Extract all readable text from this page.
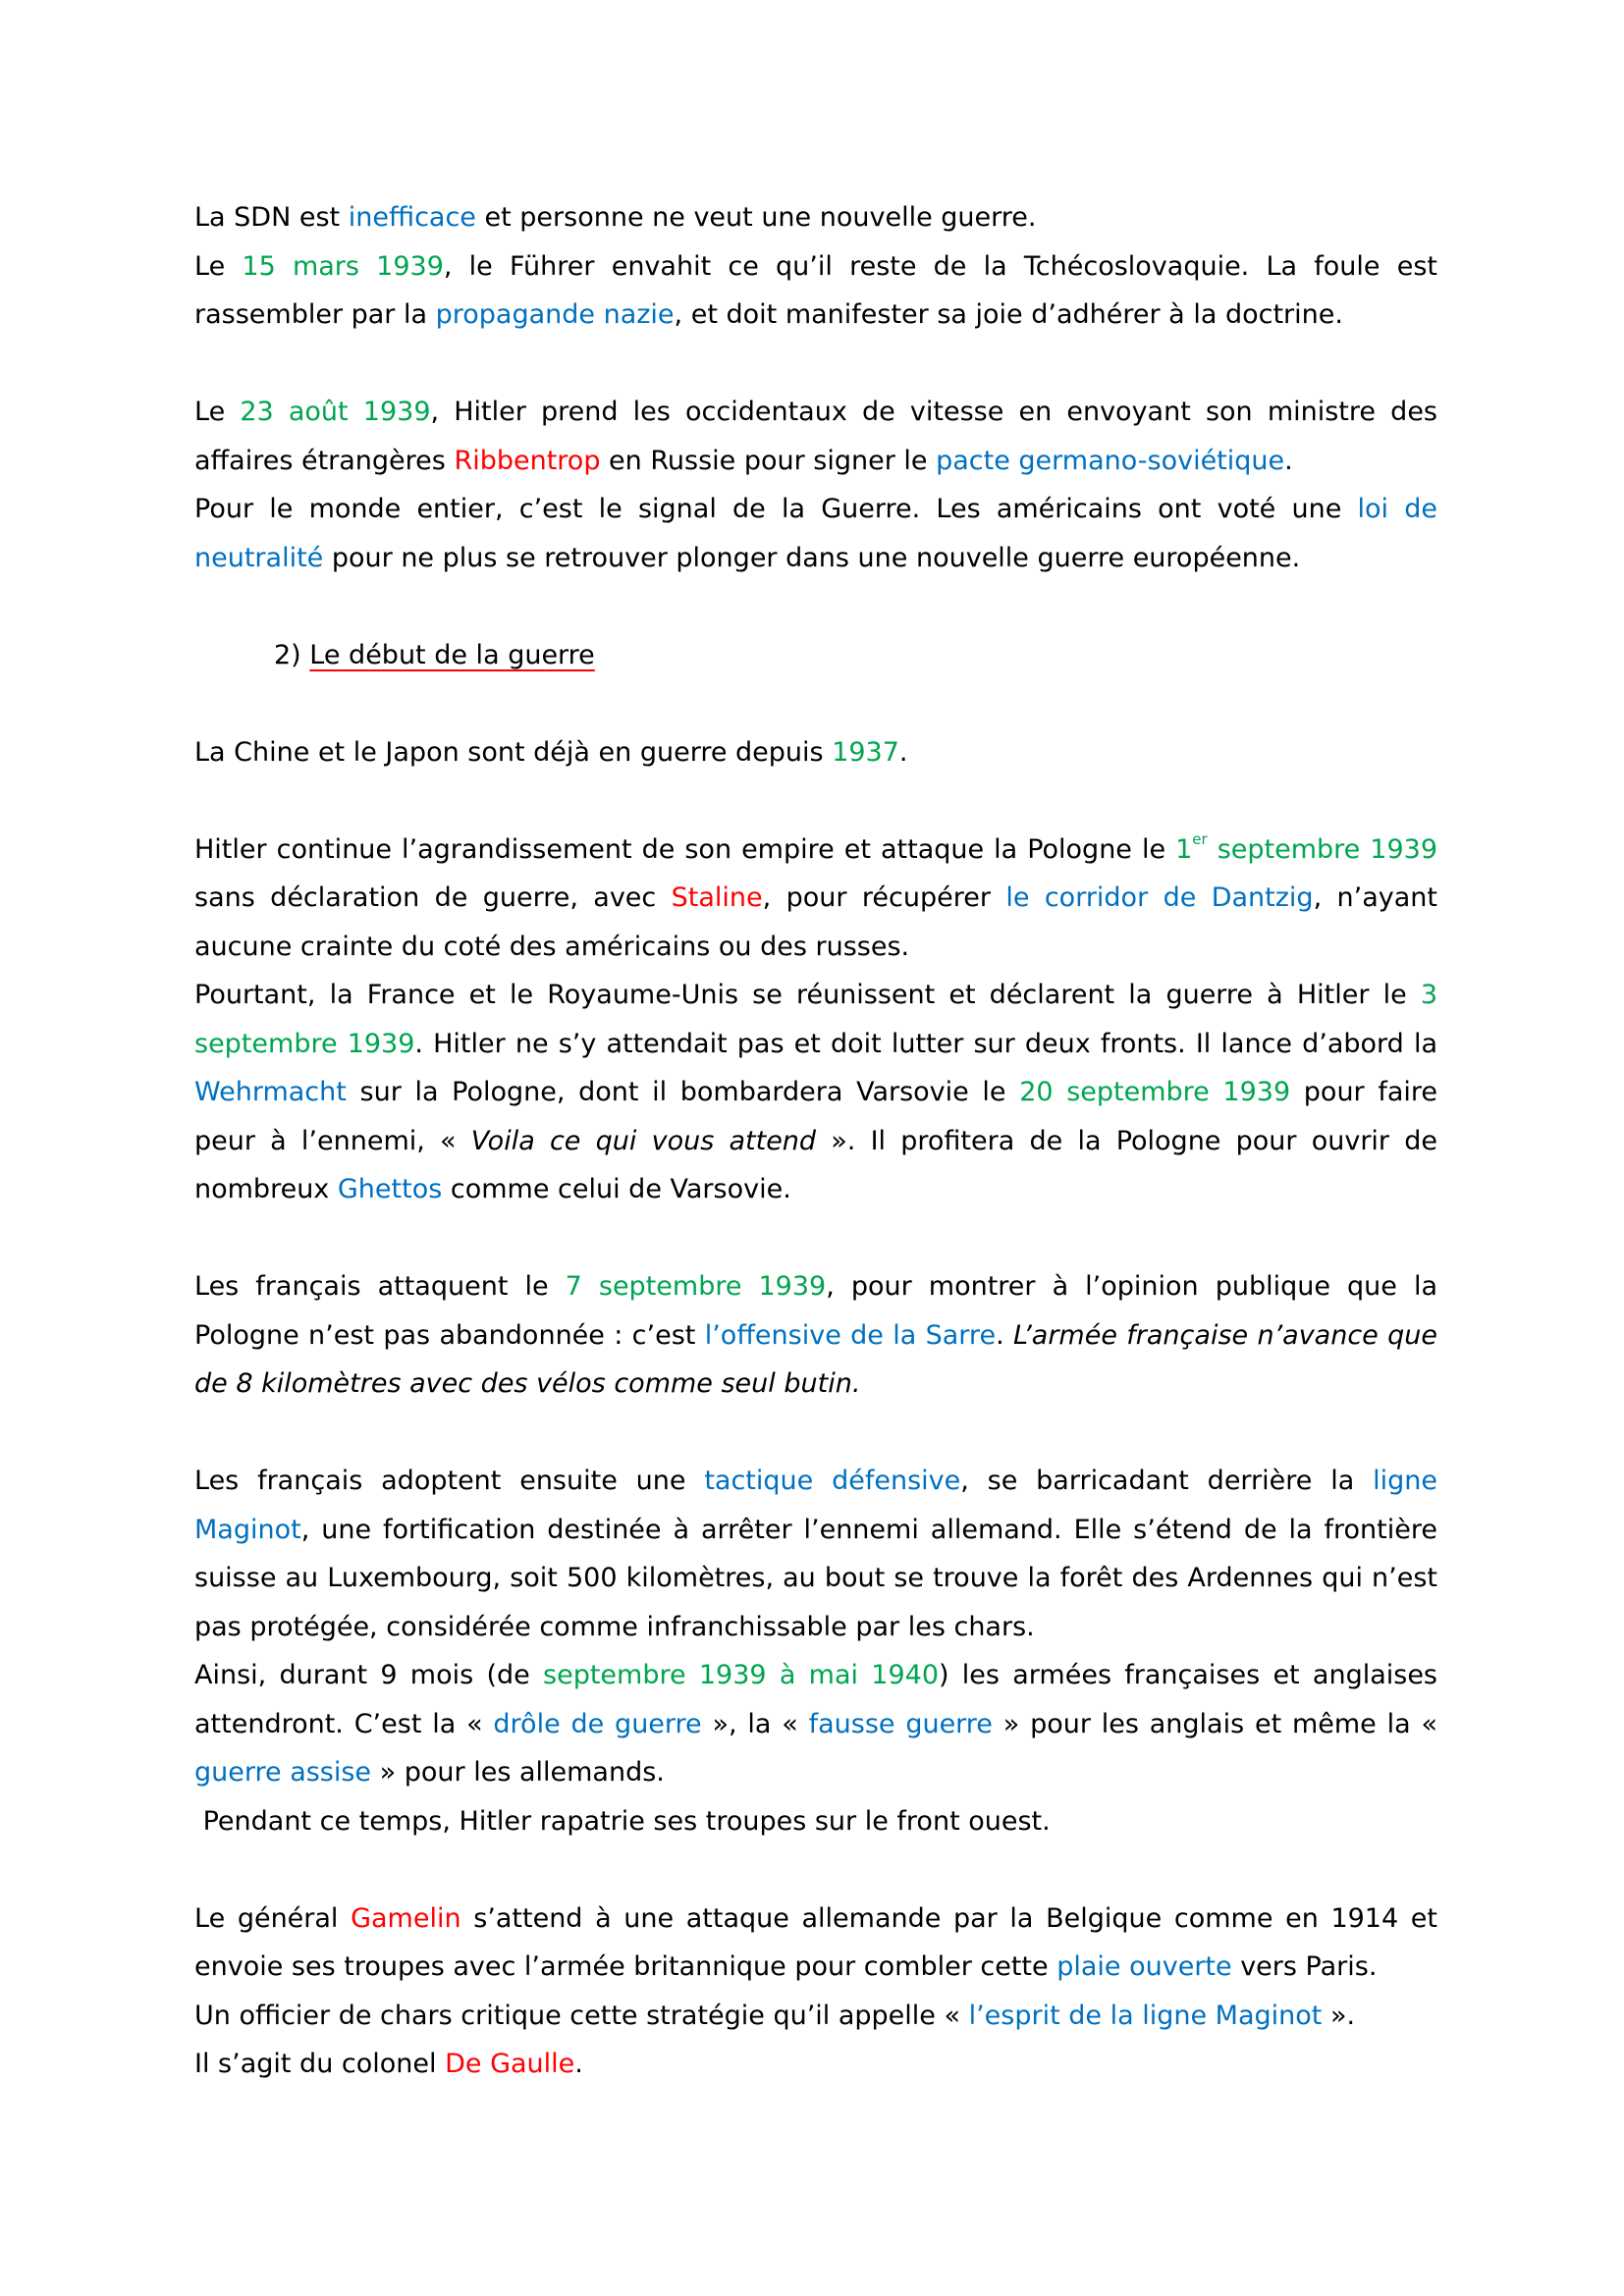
La SDN est inefficace et personne ne veut une nouvelle guerre.

Le 15 mars 1939, le Führer envahit ce qu’il reste de la Tchécoslovaquie. La foule est rassembler par la propagande nazie, et doit manifester sa joie d’adhérer à la doctrine.

Le 23 août 1939, Hitler prend les occidentaux de vitesse en envoyant son ministre des affaires étrangères Ribbentrop en Russie pour signer le pacte germano-soviétique.

Pour le monde entier, c’est le signal de la Guerre. Les américains ont voté une loi de neutralité pour ne plus se retrouver plonger dans une nouvelle guerre européenne.

2) Le début de la guerre

La Chine et le Japon sont déjà en guerre depuis 1937.

Hitler continue l’agrandissement de son empire et attaque la Pologne le 1er septembre 1939 sans déclaration de guerre, avec Staline, pour récupérer le corridor de Dantzig, n’ayant aucune crainte du coté des américains ou des russes.

Pourtant, la France et le Royaume-Unis se réunissent et déclarent la guerre à Hitler le 3 septembre 1939. Hitler ne s’y attendait pas et doit lutter sur deux fronts. Il lance d’abord la Wehrmacht sur la Pologne, dont il bombardera Varsovie le 20 septembre 1939 pour faire peur à l’ennemi, « Voila ce qui vous attend ». Il profitera de la Pologne pour ouvrir de nombreux Ghettos comme celui de Varsovie.

Les français attaquent le 7 septembre 1939, pour montrer à l’opinion publique que la Pologne n’est pas abandonnée : c’est l’offensive de la Sarre. L’armée française n’avance que de 8 kilomètres avec des vélos comme seul butin.

Les français adoptent ensuite une tactique défensive, se barricadant derrière la ligne Maginot, une fortification destinée à arrêter l’ennemi allemand. Elle s’étend de la frontière suisse au Luxembourg, soit 500 kilomètres, au bout se trouve la forêt des Ardennes qui n’est pas protégée, considérée comme infranchissable par les chars.

Ainsi, durant 9 mois (de septembre 1939 à mai 1940) les armées françaises et anglaises attendront. C’est la « drôle de guerre », la « fausse guerre » pour les anglais et même la « guerre assise » pour les allemands.

Pendant ce temps, Hitler rapatrie ses troupes sur le front ouest.

Le général Gamelin s’attend à une attaque allemande par la Belgique comme en 1914 et envoie ses troupes avec l’armée britannique pour combler cette plaie ouverte vers Paris.

Un officier de chars critique cette stratégie qu’il appelle « l’esprit de la ligne Maginot ».

Il s’agit du colonel De Gaulle.
